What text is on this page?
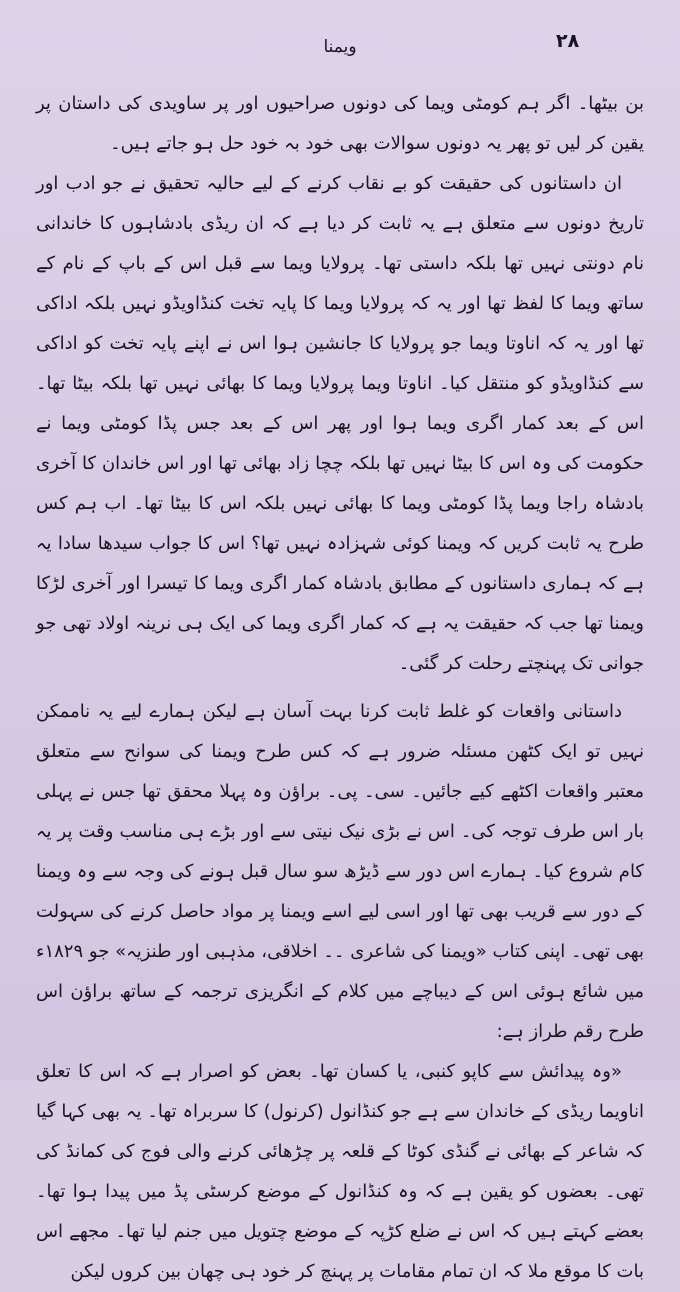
۲۸
ویمنا

بن بیٹھا۔ اگر ہم کومٹی ویما کی دونوں صراحیوں اور پر ساویدی کی داستان پر یقین کر لیں تو پھر یہ دونوں سوالات بھی خود بہ خود حل ہو جاتے ہیں۔

ان داستانوں کی حقیقت کو بے نقاب کرنے کے لیے حالیہ تحقیق نے جو ادب اور تاریخ دونوں سے متعلق ہے یہ ثابت کر دیا ہے کہ ان ریڈی بادشاہوں کا خاندانی نام دونتی نہیں تھا بلکہ داستی تھا۔ پرولایا ویما سے قبل اس کے باپ کے نام کے ساتھ ویما کا لفظ تھا اور یہ کہ پرولایا ویما کا پایہ تخت کنڈاویڈو نہیں بلکہ اداکی تھا اور یہ کہ اناوتا ویما جو پرولایا کا جانشین ہوا اس نے اپنے پایہ تخت کو اداکی سے کنڈاویڈو کو منتقل کیا۔ اناوتا ویما پرولایا ویما کا بھائی نہیں تھا بلکہ بیٹا تھا۔ اس کے بعد کمار اگری ویما ہوا اور پھر اس کے بعد جس پڈا کومٹی ویما نے حکومت کی وہ اس کا بیٹا نہیں تھا بلکہ چچا زاد بھائی تھا اور اس خاندان کا آخری بادشاہ راجا ویما پڈا کومٹی ویما کا بھائی نہیں بلکہ اس کا بیٹا تھا۔ اب ہم کس طرح یہ ثابت کریں کہ ویمنا کوئی شہزادہ نہیں تھا؟ اس کا جواب سیدھا سادا یہ ہے کہ ہماری داستانوں کے مطابق بادشاہ کمار اگری ویما کا تیسرا اور آخری لڑکا ویمنا تھا جب کہ حقیقت یہ ہے کہ کمار اگری ویما کی ایک ہی نرینہ اولاد تھی جو جوانی تک پہنچتے رحلت کر گئی۔

داستانی واقعات کو غلط ثابت کرنا بہت آسان ہے لیکن ہمارے لیے یہ ناممکن نہیں تو ایک کٹھن مسئلہ ضرور ہے کہ کس طرح ویمنا کی سوانح سے متعلق معتبر واقعات اکٹھے کیے جائیں۔ سی۔ پی۔ براؤن وہ پہلا محقق تھا جس نے پہلی بار اس طرف توجہ کی۔ اس نے بڑی نیک نیتی سے اور بڑے ہی مناسب وقت پر یہ کام شروع کیا۔ ہمارے اس دور سے ڈیڑھ سو سال قبل ہونے کی وجہ سے وہ ویمنا کے دور سے قریب بھی تھا اور اسی لیے اسے ویمنا پر مواد حاصل کرنے کی سہولت بھی تھی۔ اپنی کتاب «ویمنا کی شاعری ۔۔ اخلاقی، مذہبی اور طنزیہ» جو ۱۸۲۹ء میں شائع ہوئی اس کے دیباچے میں کلام کے انگریزی ترجمہ کے ساتھ براؤن اس طرح رقم طراز ہے:

«وہ پیدائش سے کاپو کنبی، یا کسان تھا۔ بعض کو اصرار ہے کہ اس کا تعلق اناویما ریڈی کے خاندان سے ہے جو کنڈانول (کرنول) کا سربراہ تھا۔ یہ بھی کہا گیا کہ شاعر کے بھائی نے گنڈی کوٹا کے قلعہ پر چڑھائی کرنے والی فوج کی کمانڈ کی تھی۔ بعضوں کو یقین ہے کہ وہ کنڈانول کے موضع کرسٹی پڈ میں پیدا ہوا تھا۔ بعضے کہتے ہیں کہ اس نے ضلع کڑپہ کے موضع چتویل میں جنم لیا تھا۔ مجھے اس بات کا موقع ملا کہ ان تمام مقامات پر پہنچ کر خود ہی چھان بین کروں لیکن
